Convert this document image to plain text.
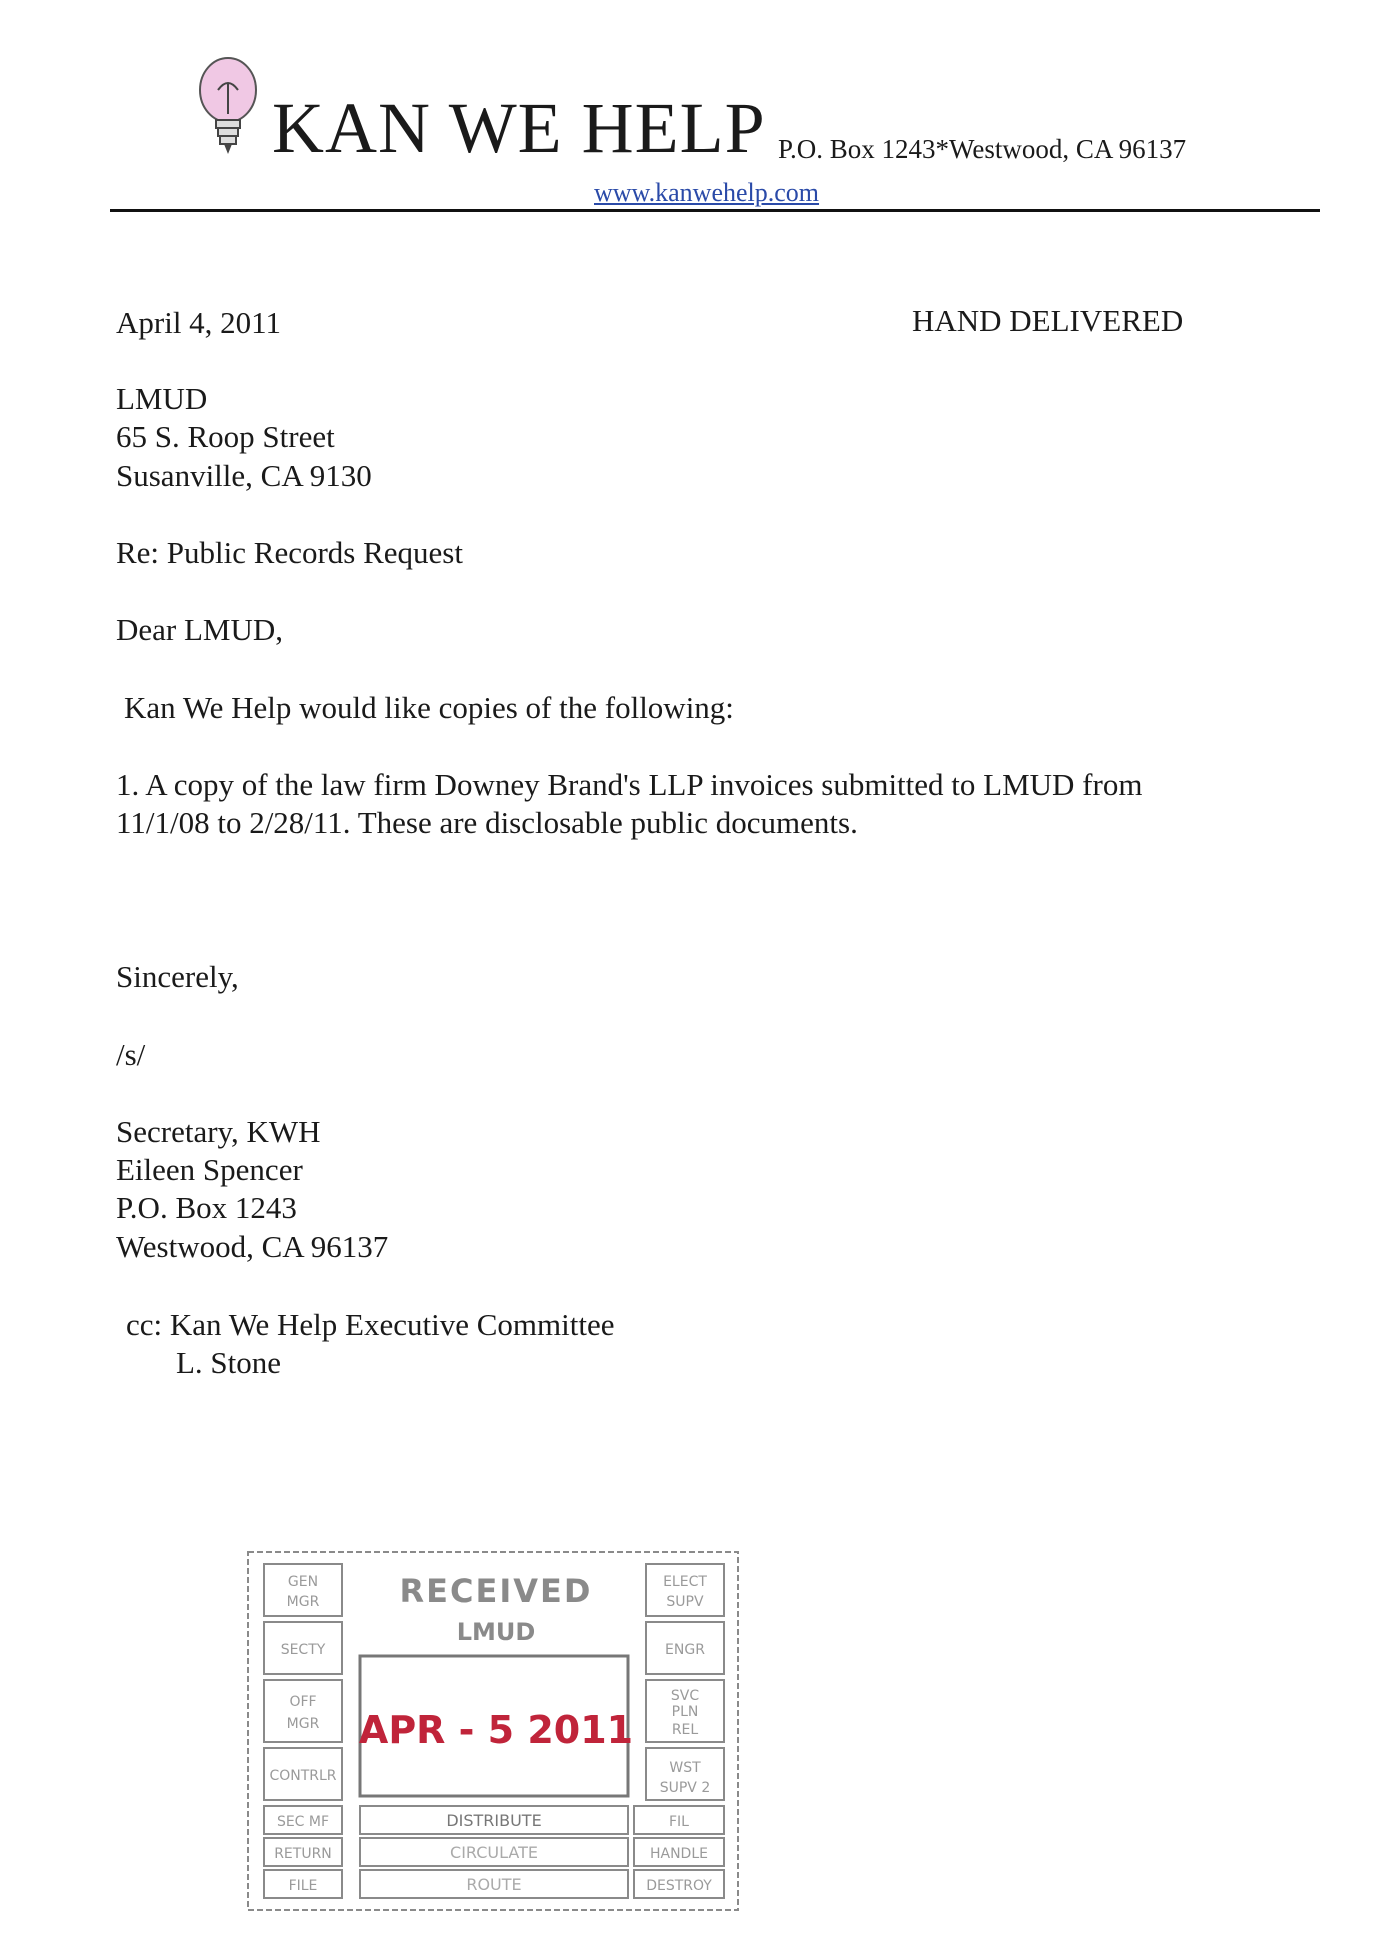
KAN WE HELP P.O. Box 1243*Westwood, CA 96137
www.kanwehelp.com
April 4, 2011	HAND DELIVERED
LMUD
65 S. Roop Street
Susanville, CA 9130
Re: Public Records Request
Dear LMUD,
Kan We Help would like copies of the following:
1. A copy of the law firm Downey Brand's LLP invoices submitted to LMUD from
11/1/08 to 2/28/11. These are disclosable public documents.
Sincerely,
/s/
Secretary, KWH
Eileen Spencer
P.O. Box 1243
Westwood, CA 96137
cc: Kan We Help Executive Committee
L. Stone
GEN
MGR
SECTY
OFF
MGR
CONTRLR
SEC MF
RETURN
FILE
ELECT
SUPV
ENGR
SVC
PLN
REL
WST
SUPV 2
FIL
HANDLE
DESTROY
RECEIVED
LMUD
APR - 5 2011
DISTRIBUTE
CIRCULATE
ROUTE
